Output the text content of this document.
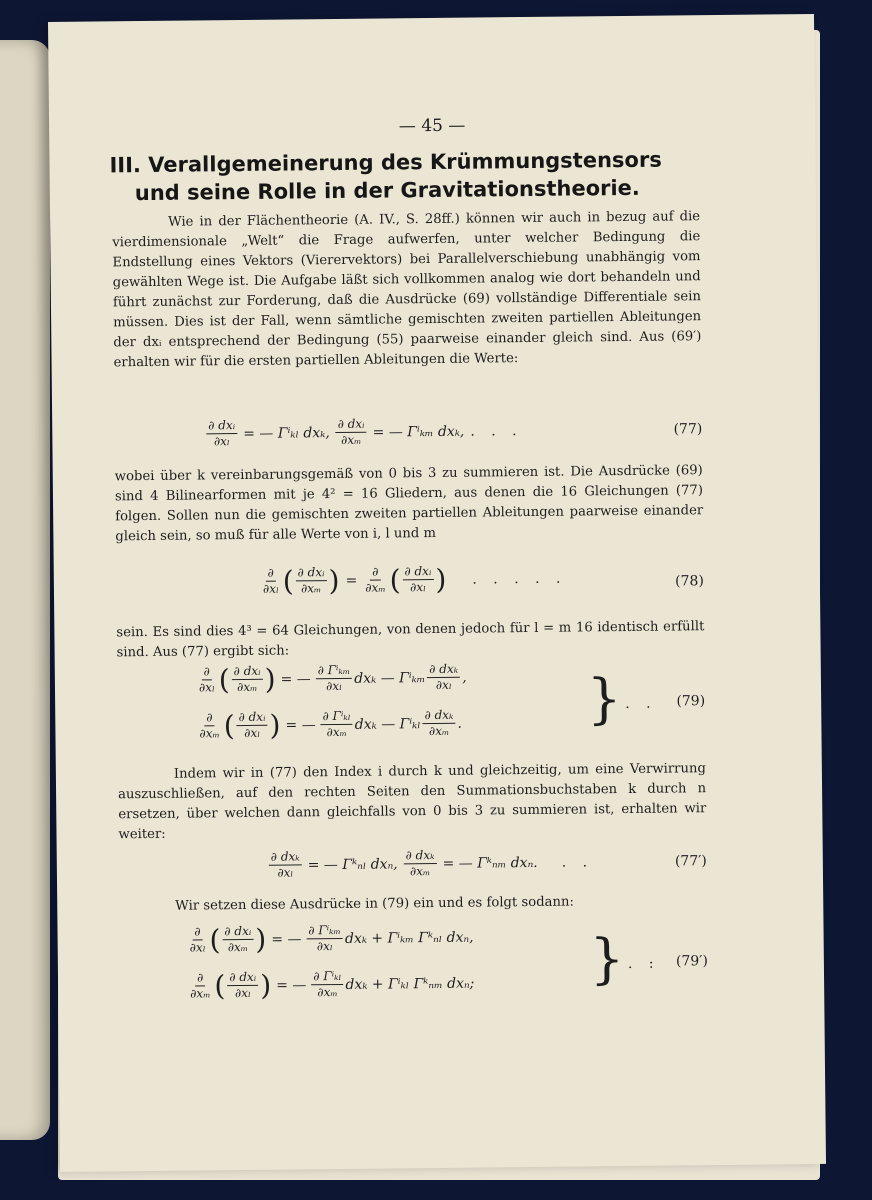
— 45 —
III. Verallgemeinerung des Krümmungstensors
und seine Rolle in der Gravitationstheorie.

Wie in der Flächentheorie (A. IV., S. 28ff.) können wir auch in bezug auf die vierdimensionale „Welt“ die Frage aufwerfen, unter welcher Bedingung die Endstellung eines Vektors (Vierervektors) bei Parallelverschiebung unabhängig vom gewählten Wege ist. Die Aufgabe läßt sich vollkommen analog wie dort behandeln und führt zunächst zur Forderung, daß die Ausdrücke (69) vollständige Differentiale sein müssen. Dies ist der Fall, wenn sämtliche gemischten zweiten partiellen Ableitungen der dxᵢ entsprechend der Bedingung (55) paarweise einander gleich sind. Aus (69′) erhalten wir für die ersten partiellen Ableitungen die Werte:

$\frac{\text{∂ dxᵢ}}{\text{∂xₗ}}$ = — Γⁱₖₗ dxₖ, $\frac{\text{∂ dxᵢ}}{\text{∂xₘ}}$ = — Γⁱₖₘ dxₖ, . . .	(77)

wobei über k vereinbarungsgemäß von 0 bis 3 zu summieren ist. Die Ausdrücke (69) sind 4 Bilinearformen mit je 4² = 16 Gliedern, aus denen die 16 Gleichungen (77) folgen. Sollen nun die gemischten zweiten partiellen Ableitungen paarweise einander gleich sein, so muß für alle Werte von i, l und m

$\frac{\partial}{\text{∂xₗ}}$ ( $\frac{\text{∂ dxᵢ}}{\text{∂xₘ}}$ ) = $\frac{\partial}{\text{∂xₘ}}$ ( $\frac{\text{∂ dxᵢ}}{\text{∂xₗ}}$ )	. . . . .	(78)

sein. Es sind dies 4³ = 64 Gleichungen, von denen jedoch für l = m 16 identisch erfüllt sind. Aus (77) ergibt sich:

$\frac{\partial}{\text{∂xₗ}}$ ( $\frac{\text{∂ dxᵢ}}{\text{∂xₘ}}$ ) = — $\frac{\text{∂ Γⁱₖₘ}}{\text{∂xₗ}}$ dxₖ — Γⁱₖₘ $\frac{\text{∂ dxₖ}}{\text{∂xₗ}}$ ,
$\frac{\partial}{\text{∂xₘ}}$ ( $\frac{\text{∂ dxᵢ}}{\text{∂xₗ}}$ ) = — $\frac{\text{∂ Γⁱₖₗ}}{\text{∂xₘ}}$ dxₖ — Γⁱₖₗ $\frac{\text{∂ dxₖ}}{\text{∂xₘ}}$ . } . . (79)

Indem wir in (77) den Index i durch k und gleichzeitig, um eine Verwirrung auszuschließen, auf den rechten Seiten den Summationsbuchstaben k durch n ersetzen, über welchen dann gleichfalls von 0 bis 3 zu summieren ist, erhalten wir weiter:

$\frac{\text{∂ dxₖ}}{\text{∂xₗ}}$ = — Γᵏₙₗ dxₙ, $\frac{\text{∂ dxₖ}}{\text{∂xₘ}}$ = — Γᵏₙₘ dxₙ.	. .	(77′)

Wir setzen diese Ausdrücke in (79) ein und es folgt sodann:

$\frac{\partial}{\text{∂xₗ}}$ ( $\frac{\text{∂ dxᵢ}}{\text{∂xₘ}}$ ) = — $\frac{\text{∂ Γⁱₖₘ}}{\text{∂xₗ}}$ dxₖ + Γⁱₖₘ Γᵏₙₗ dxₙ,
$\frac{\partial}{\text{∂xₘ}}$ ( $\frac{\text{∂ dxᵢ}}{\text{∂xₗ}}$ ) = — $\frac{\text{∂ Γⁱₖₗ}}{\text{∂xₘ}}$ dxₖ + Γⁱₖₗ Γᵏₙₘ dxₙ; } . : (79′)
